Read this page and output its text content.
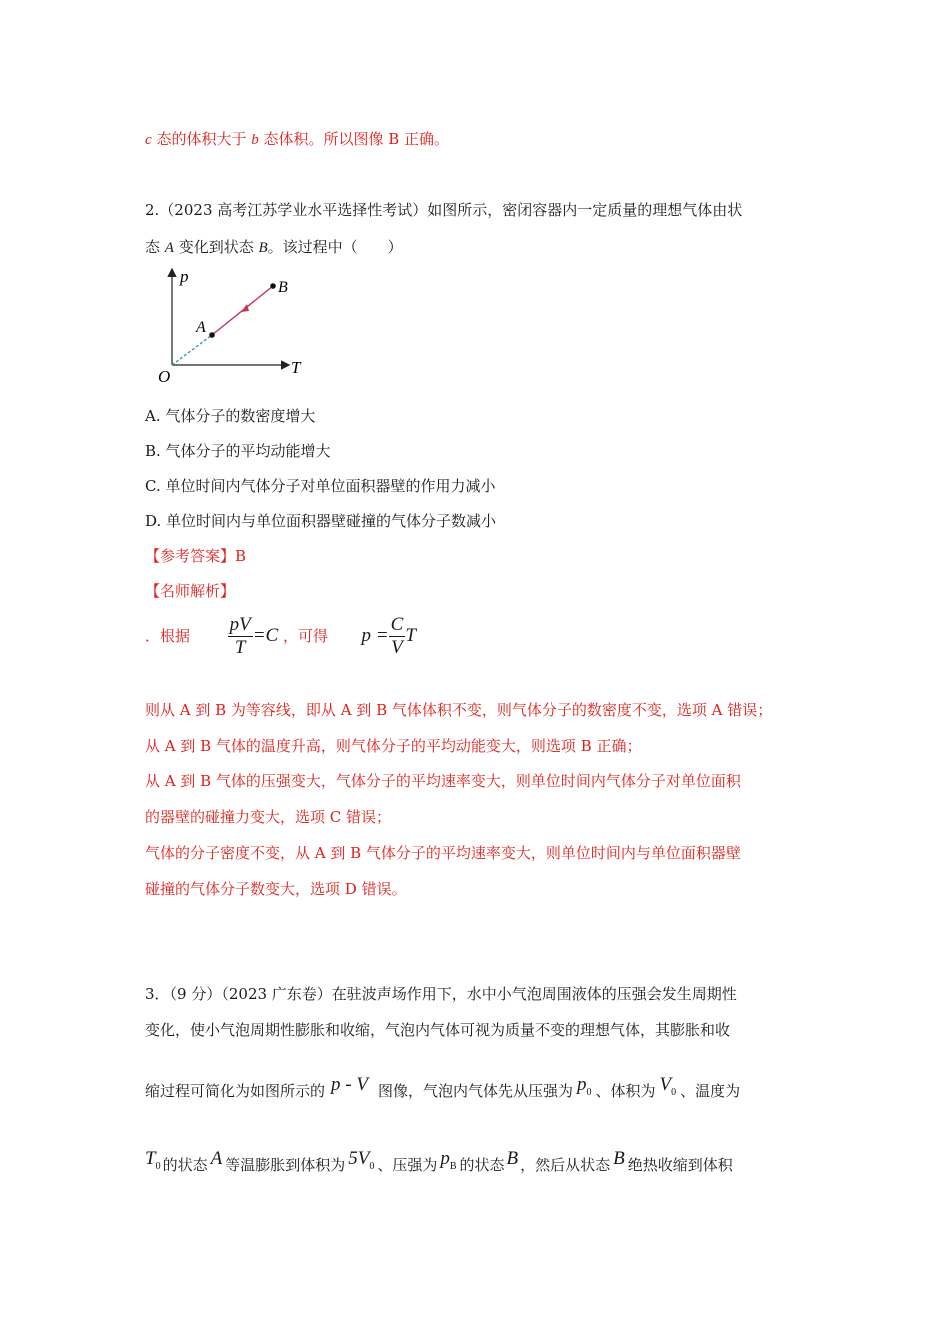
c 态的体积大于 b 态体积。所以图像 B 正确。
2.（2023 高考江苏学业水平选择性考试）如图所示，密闭容器内一定质量的理想气体由状
态 A 变化到状态 B。该过程中（　　）
p
T
O
A
B
A. 气体分子的数密度增大
B. 气体分子的平均动能增大
C. 单位时间内气体分子对单位面积器壁的作用力减小
D. 单位时间内与单位面积器壁碰撞的气体分子数减小
【参考答案】B
【名师解析】
．根据 $\frac{pV}{T} =C$ ，可得 $p = \frac{C}{V}$ T
则从 A 到 B 为等容线，即从 A 到 B 气体体积不变，则气体分子的数密度不变，选项 A 错误；
从 A 到 B 气体的温度升高，则气体分子的平均动能变大，则选项 B 正确；
从 A 到 B 气体的压强变大，气体分子的平均速率变大，则单位时间内气体分子对单位面积
的器壁的碰撞力变大，选项 C 错误；
气体的分子密度不变，从 A 到 B 气体分子的平均速率变大，则单位时间内与单位面积器壁
碰撞的气体分子数变大，选项 D 错误。
3．（9 分）（2023 广东卷）在驻波声场作用下，水中小气泡周围液体的压强会发生周期性
变化，使小气泡周期性膨胀和收缩，气泡内气体可视为质量不变的理想气体，其膨胀和收
缩过程可简化为如图所示的 p - V 图像，气泡内气体先从压强为 $p_0$ 、体积为 $V_0$ 、温度为
$T_0$ 的状态 A 等温膨胀到体积为 $5V_0$ 、压强为 $p_B$ 的状态 B ，然后从状态 B 绝热收缩到体积
